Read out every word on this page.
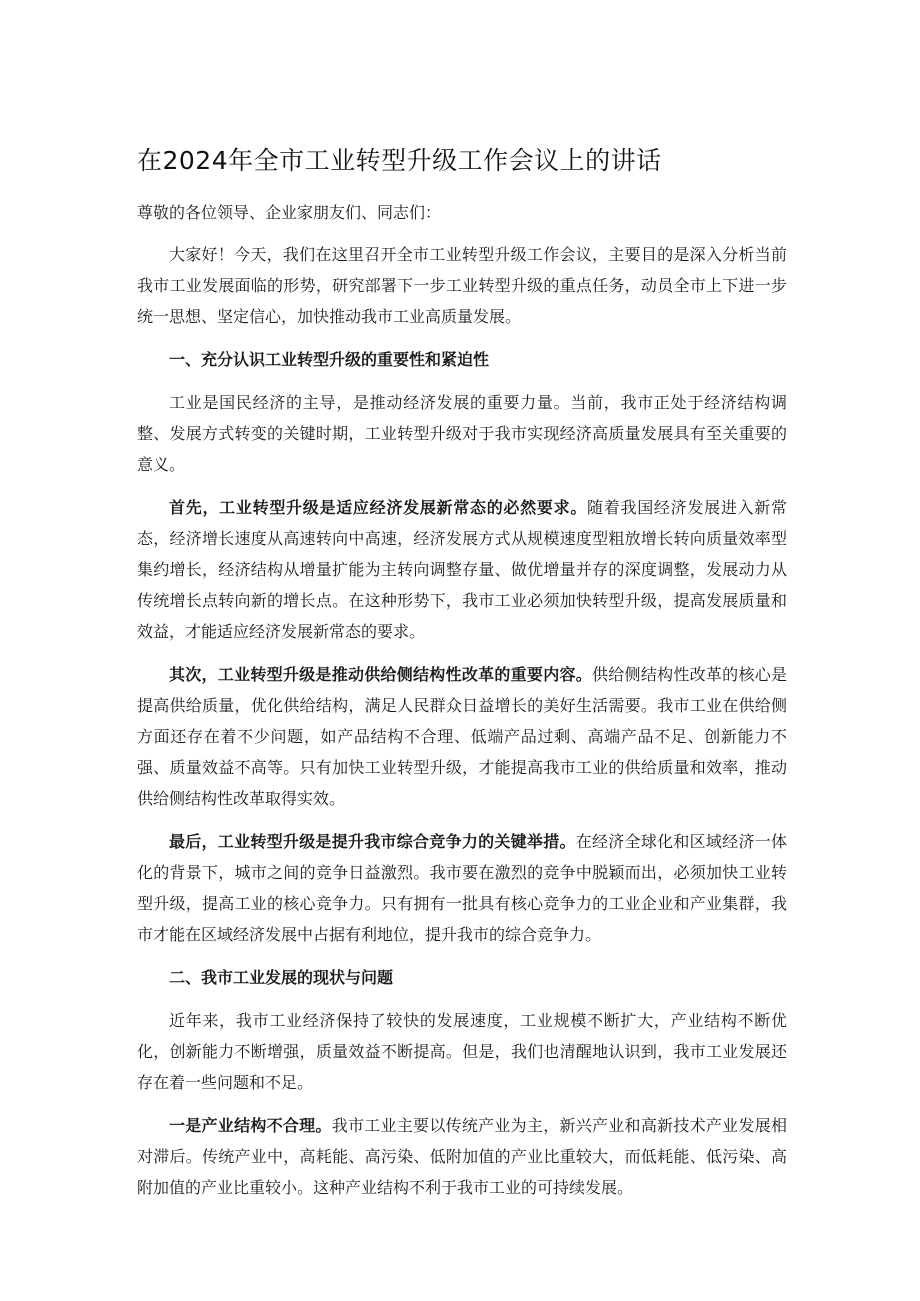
在2024年全市工业转型升级工作会议上的讲话

尊敬的各位领导、企业家朋友们、同志们：

大家好！今天，我们在这里召开全市工业转型升级工作会议，主要目的是深入分析当前我市工业发展面临的形势，研究部署下一步工业转型升级的重点任务，动员全市上下进一步统一思想、坚定信心，加快推动我市工业高质量发展。

一、充分认识工业转型升级的重要性和紧迫性

工业是国民经济的主导，是推动经济发展的重要力量。当前，我市正处于经济结构调整、发展方式转变的关键时期，工业转型升级对于我市实现经济高质量发展具有至关重要的意义。

首先，工业转型升级是适应经济发展新常态的必然要求。随着我国经济发展进入新常态，经济增长速度从高速转向中高速，经济发展方式从规模速度型粗放增长转向质量效率型集约增长，经济结构从增量扩能为主转向调整存量、做优增量并存的深度调整，发展动力从传统增长点转向新的增长点。在这种形势下，我市工业必须加快转型升级，提高发展质量和效益，才能适应经济发展新常态的要求。

其次，工业转型升级是推动供给侧结构性改革的重要内容。供给侧结构性改革的核心是提高供给质量，优化供给结构，满足人民群众日益增长的美好生活需要。我市工业在供给侧方面还存在着不少问题，如产品结构不合理、低端产品过剩、高端产品不足、创新能力不强、质量效益不高等。只有加快工业转型升级，才能提高我市工业的供给质量和效率，推动供给侧结构性改革取得实效。

最后，工业转型升级是提升我市综合竞争力的关键举措。在经济全球化和区域经济一体化的背景下，城市之间的竞争日益激烈。我市要在激烈的竞争中脱颖而出，必须加快工业转型升级，提高工业的核心竞争力。只有拥有一批具有核心竞争力的工业企业和产业集群，我市才能在区域经济发展中占据有利地位，提升我市的综合竞争力。

二、我市工业发展的现状与问题

近年来，我市工业经济保持了较快的发展速度，工业规模不断扩大，产业结构不断优化，创新能力不断增强，质量效益不断提高。但是，我们也清醒地认识到，我市工业发展还存在着一些问题和不足。

一是产业结构不合理。我市工业主要以传统产业为主，新兴产业和高新技术产业发展相对滞后。传统产业中，高耗能、高污染、低附加值的产业比重较大，而低耗能、低污染、高附加值的产业比重较小。这种产业结构不利于我市工业的可持续发展。
